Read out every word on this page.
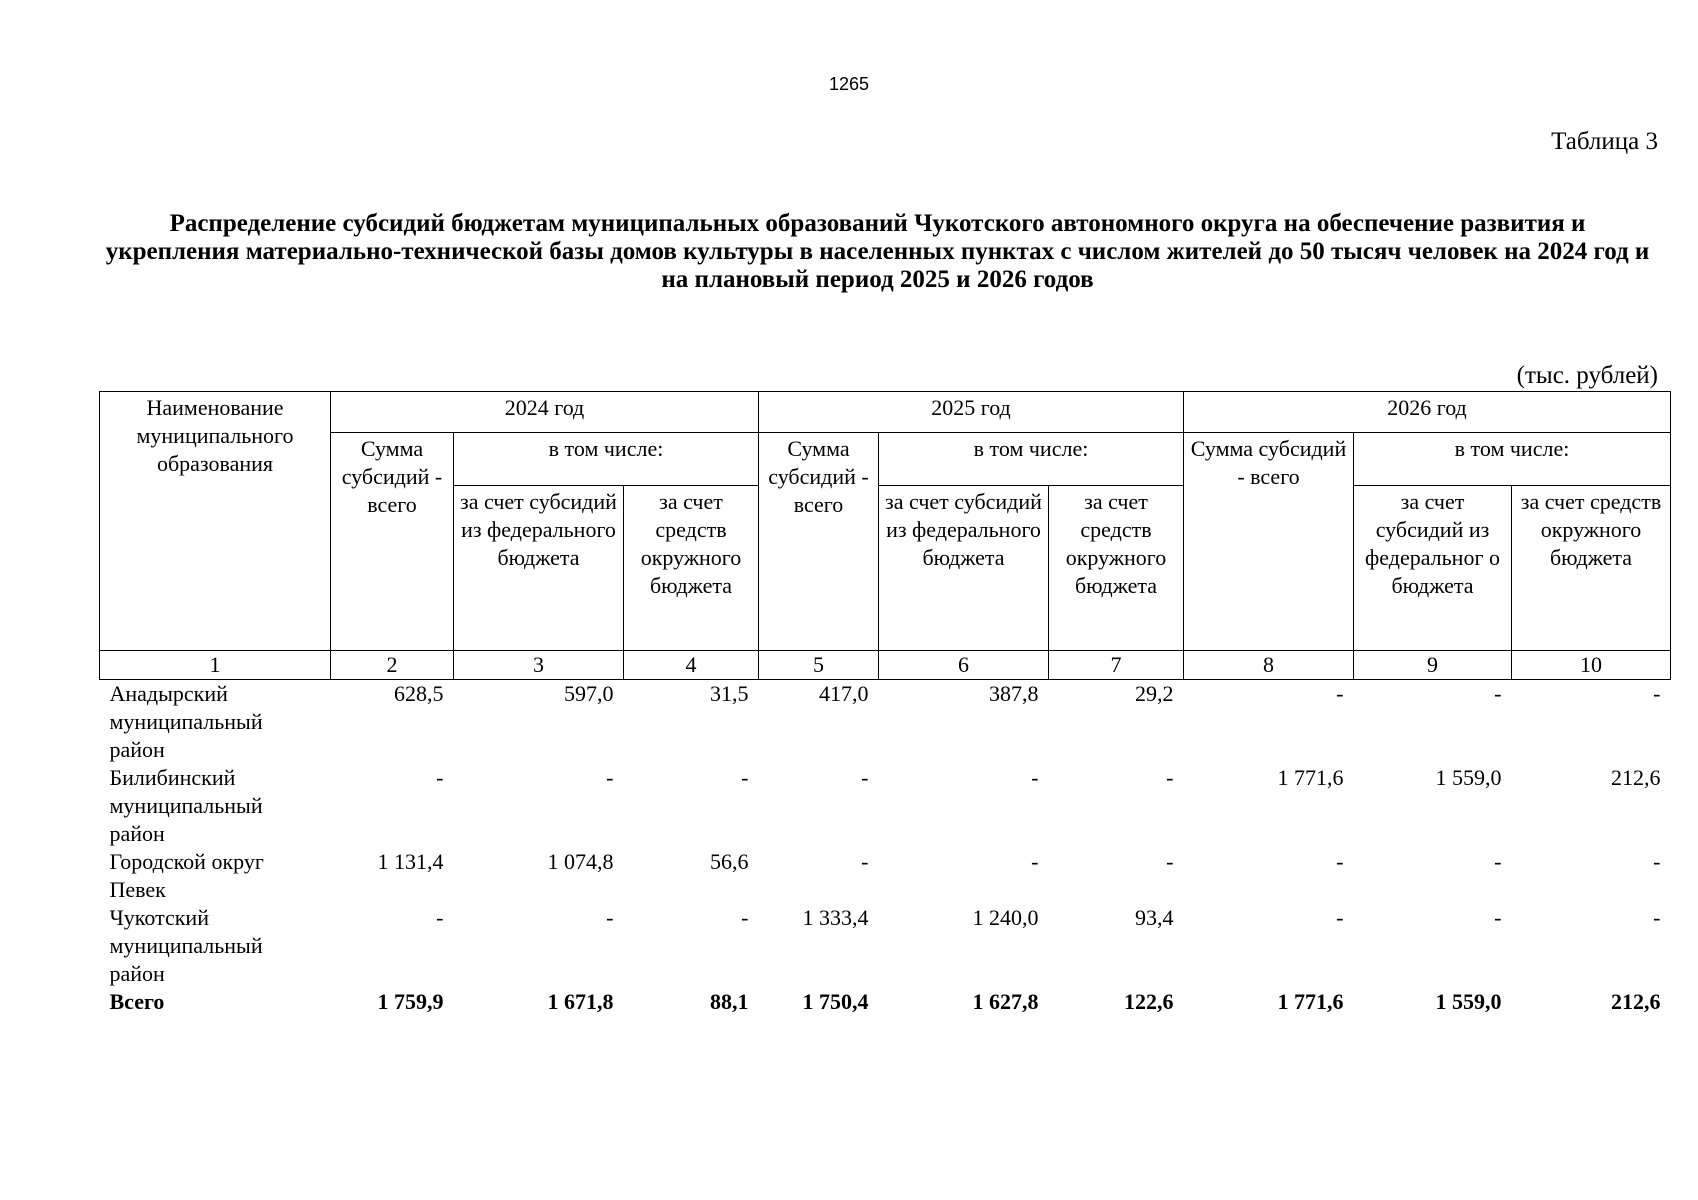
1265
Таблица 3
Распределение субсидий бюджетам муниципальных образований Чукотского автономного округа на обеспечение развития и укрепления материально-технической базы домов культуры в населенных пунктах с числом жителей до 50 тысяч человек на 2024 год и на плановый период 2025 и 2026 годов
(тыс. рублей)
Наименование муниципального образования	2024 год			2025 год			2026 год		
	Сумма субсидий - всего	в том числе:		Сумма субсидий - всего	в том числе:		Сумма субсидий - всего	в том числе:	
		за счет субсидий из федерального бюджета	за счет средств окружного бюджета		за счет субсидий из федерального бюджета	за счет средств окружного бюджета		за счет субсидий из федеральног о бюджета	за счет средств окружного бюджета
1	2	3	4	5	6	7	8	9	10
Анадырский муниципальный район	628,5	597,0	31,5	417,0	387,8	29,2	-	-	-
Билибинский муниципальный район	-	-	-	-	-	-	1 771,6	1 559,0	212,6
Городской округ Певек	1 131,4	1 074,8	56,6	-	-	-	-	-	-
Чукотский муниципальный район	-	-	-	1 333,4	1 240,0	93,4	-	-	-
Всего	1 759,9	1 671,8	88,1	1 750,4	1 627,8	122,6	1 771,6	1 559,0	212,6
